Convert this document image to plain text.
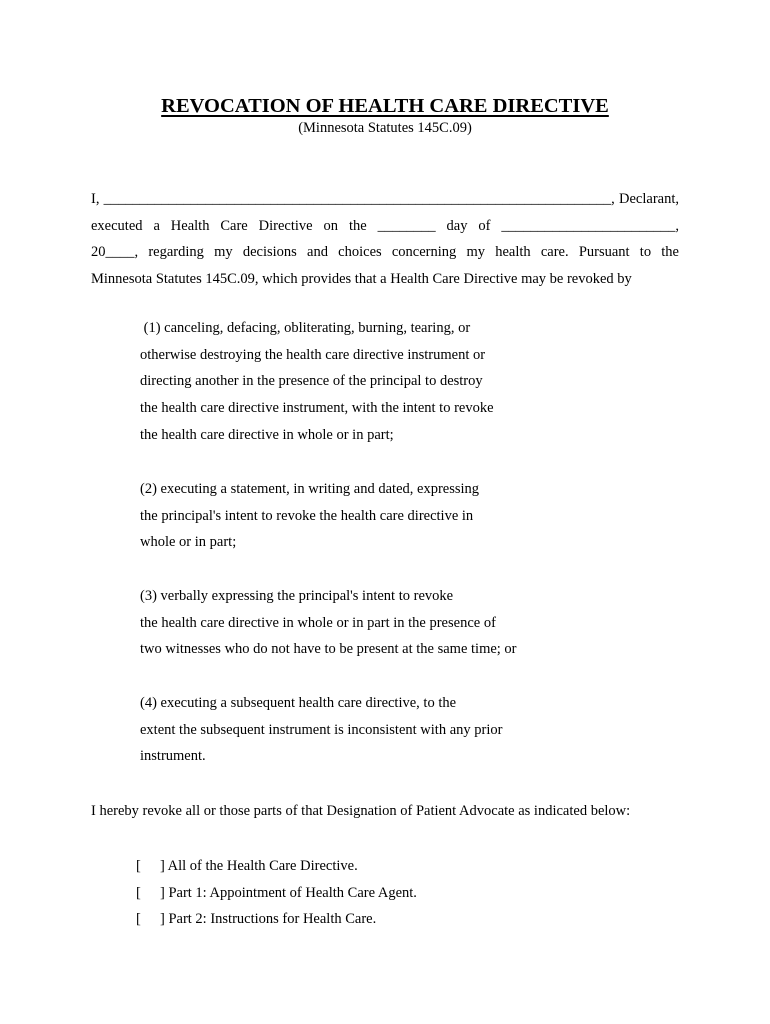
REVOCATION OF HEALTH CARE DIRECTIVE
(Minnesota Statutes 145C.09)
I, ______________________________________________________________________, Declarant,
executed a Health Care Directive on the ________ day of ________________________,
20____, regarding my decisions and choices concerning my health care. Pursuant to the
Minnesota Statutes 145C.09, which provides that a Health Care Directive may be revoked by
(1) canceling, defacing, obliterating, burning, tearing, or
otherwise destroying the health care directive instrument or
directing another in the presence of the principal to destroy
the health care directive instrument, with the intent to revoke
the health care directive in whole or in part;
(2) executing a statement, in writing and dated, expressing
the principal's intent to revoke the health care directive in
whole or in part;
(3) verbally expressing the principal's intent to revoke
the health care directive in whole or in part in the presence of
two witnesses who do not have to be present at the same time; or
(4) executing a subsequent health care directive, to the
extent the subsequent instrument is inconsistent with any prior
instrument.
I hereby revoke all or those parts of that Designation of Patient Advocate as indicated below:
[ ] All of the Health Care Directive.
[ ] Part 1: Appointment of Health Care Agent.
[ ] Part 2: Instructions for Health Care.
